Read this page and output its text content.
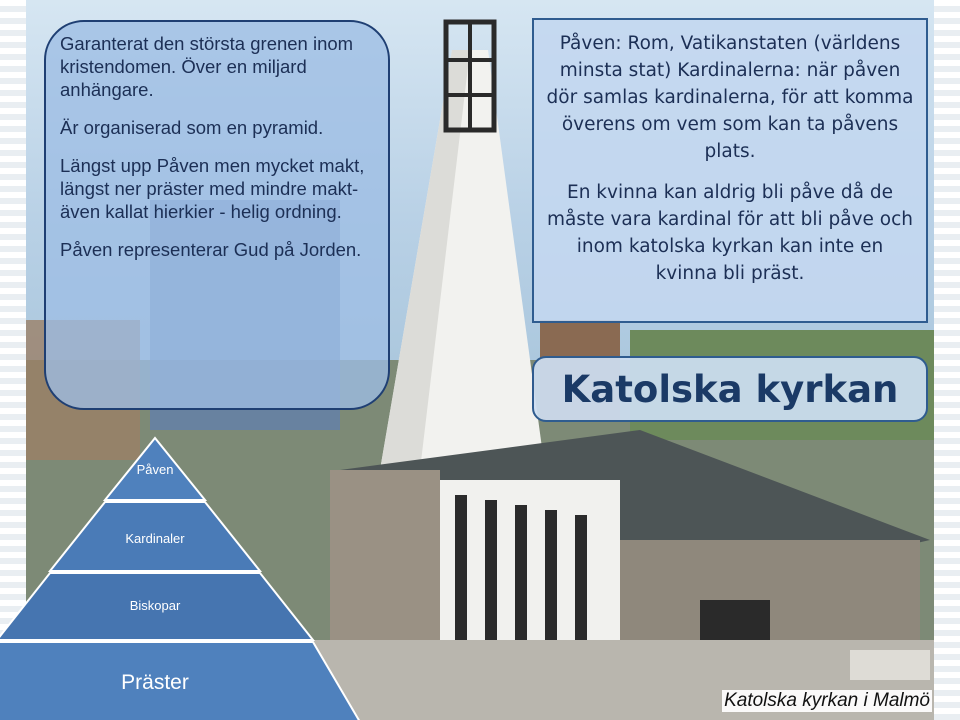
Garanterat den största grenen inom kristendomen. Över en miljard anhängare.

Är organiserad som en pyramid.

Längst upp Påven men mycket makt, längst ner präster med mindre makt- även kallat hierkier - helig ordning.

Påven representerar Gud på Jorden.

Påven: Rom, Vatikanstaten (världens minsta stat) Kardinalerna: när påven dör samlas kardinalerna, för att komma överens om vem som kan ta påvens plats.

En kvinna kan aldrig bli påve då de måste vara kardinal för att bli påve och inom katolska kyrkan kan inte en kvinna bli präst.

Katolska kyrkan
Påven
Kardinaler
Biskopar
Präster
Katolska kyrkan i Malmö
